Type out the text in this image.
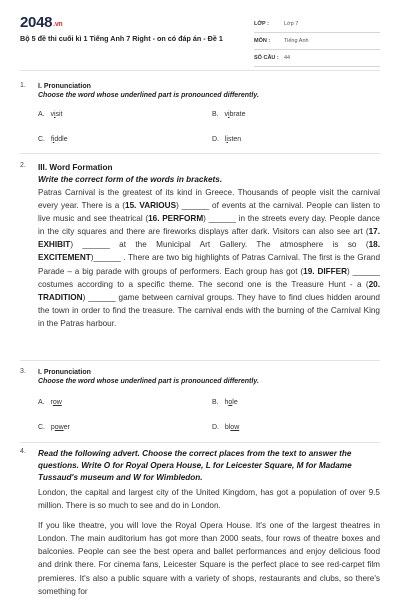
2048.vn
Bộ 5 đề thi cuối kì 1 Tiếng Anh 7 Right - on có đáp án - Đề 1
LỚP :	Lớp 7
MÔN :	Tiếng Anh
SỐ CÂU : 44
1. I. Pronunciation
Choose the word whose underlined part is pronounced differently.
A. visit	B. vibrate
C. fiddle	D. listen
2. III. Word Formation
Write the correct form of the words in brackets.
Patras Carnival is the greatest of its kind in Greece. Thousands of people visit the carnival every year. There is a (15. VARIOUS) ______ of events at the carnival. People can listen to live music and see theatrical (16. PERFORM) ______ in the streets every day. People dance in the city squares and there are fireworks displays after dark. Visitors can also see art (17. EXHIBIT) ______ at the Municipal Art Gallery. The atmosphere is so (18. EXCITEMENT)______ . There are two big highlights of Patras Carnival. The first is the Grand Parade – a big parade with groups of performers. Each group has got (19. DIFFER) ______ costumes according to a specific theme. The second one is the Treasure Hunt - a (20. TRADITION) ______ game between carnival groups. They have to find clues hidden around the town in order to find the treasure. The carnival ends with the burning of the Carnival King in the Patras harbour.
3. I. Pronunciation
Choose the word whose underlined part is pronounced differently.
A. row	B. hole
C. power	D. blow
4. Read the following advert. Choose the correct places from the text to answer the questions. Write O for Royal Opera House, L for Leicester Square, M for Madame Tussaud's museum and W for Wimbledon.
London, the capital and largest city of the United Kingdom, has got a population of over 9.5 million. There is so much to see and do in London.
If you like theatre, you will love the Royal Opera House. It's one of the largest theatres in London. The main auditorium has got more than 2000 seats, four rows of theatre boxes and balconies. People can see the best opera and ballet performances and enjoy delicious food and drink there. For cinema fans, Leicester Square is the perfect place to see red-carpet film premieres. It's also a public square with a variety of shops, restaurants and clubs, so there's something for
